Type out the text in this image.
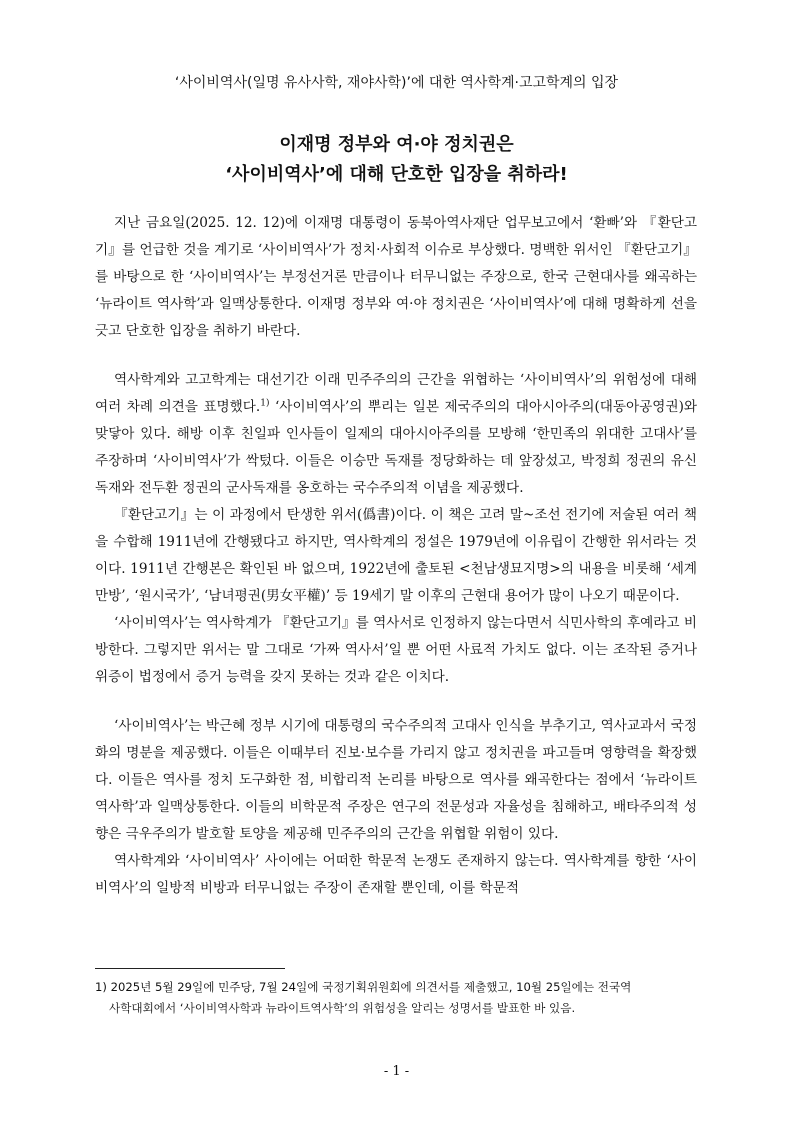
‘사이비역사(일명 유사사학, 재야사학)’에 대한 역사학계·고고학계의 입장
이재명 정부와 여·야 정치권은
‘사이비역사’에 대해 단호한 입장을 취하라!

지난 금요일(2025. 12. 12)에 이재명 대통령이 동북아역사재단 업무보고에서 ‘환빠’와 『환단고기』를 언급한 것을 계기로 ‘사이비역사’가 정치·사회적 이슈로 부상했다. 명백한 위서인 『환단고기』를 바탕으로 한 ‘사이비역사’는 부정선거론 만큼이나 터무니없는 주장으로, 한국 근현대사를 왜곡하는 ‘뉴라이트 역사학’과 일맥상통한다. 이재명 정부와 여·야 정치권은 ‘사이비역사’에 대해 명확하게 선을 긋고 단호한 입장을 취하기 바란다.

역사학계와 고고학계는 대선기간 이래 민주주의의 근간을 위협하는 ‘사이비역사’의 위험성에 대해 여러 차례 의견을 표명했다.$^{1)}$ ‘사이비역사’의 뿌리는 일본 제국주의의 대아시아주의(대동아공영권)와 맞닿아 있다. 해방 이후 친일파 인사들이 일제의 대아시아주의를 모방해 ‘한민족의 위대한 고대사’를 주장하며 ‘사이비역사’가 싹텄다. 이들은 이승만 독재를 정당화하는 데 앞장섰고, 박정희 정권의 유신독재와 전두환 정권의 군사독재를 옹호하는 국수주의적 이념을 제공했다.

『환단고기』는 이 과정에서 탄생한 위서(僞書)이다. 이 책은 고려 말~조선 전기에 저술된 여러 책을 수합해 1911년에 간행됐다고 하지만, 역사학계의 정설은 1979년에 이유립이 간행한 위서라는 것이다. 1911년 간행본은 확인된 바 없으며, 1922년에 출토된 <천남생묘지명>의 내용을 비롯해 ‘세계만방’, ‘원시국가’, ‘남녀평권(男女平權)’ 등 19세기 말 이후의 근현대 용어가 많이 나오기 때문이다.

‘사이비역사’는 역사학계가 『환단고기』를 역사서로 인정하지 않는다면서 식민사학의 후예라고 비방한다. 그렇지만 위서는 말 그대로 ‘가짜 역사서’일 뿐 어떤 사료적 가치도 없다. 이는 조작된 증거나 위증이 법정에서 증거 능력을 갖지 못하는 것과 같은 이치다.

‘사이비역사’는 박근혜 정부 시기에 대통령의 국수주의적 고대사 인식을 부추기고, 역사교과서 국정화의 명분을 제공했다. 이들은 이때부터 진보·보수를 가리지 않고 정치권을 파고들며 영향력을 확장했다. 이들은 역사를 정치 도구화한 점, 비합리적 논리를 바탕으로 역사를 왜곡한다는 점에서 ‘뉴라이트 역사학’과 일맥상통한다. 이들의 비학문적 주장은 연구의 전문성과 자율성을 침해하고, 배타주의적 성향은 극우주의가 발호할 토양을 제공해 민주주의의 근간을 위협할 위험이 있다.

역사학계와 ‘사이비역사’ 사이에는 어떠한 학문적 논쟁도 존재하지 않는다. 역사학계를 향한 ‘사이비역사’의 일방적 비방과 터무니없는 주장이 존재할 뿐인데, 이를 학문적

1) 2025년 5월 29일에 민주당, 7월 24일에 국정기획위원회에 의견서를 제출했고, 10월 25일에는 전국역
사학대회에서 ‘사이비역사학과 뉴라이트역사학’의 위험성을 알리는 성명서를 발표한 바 있음.
- 1 -
